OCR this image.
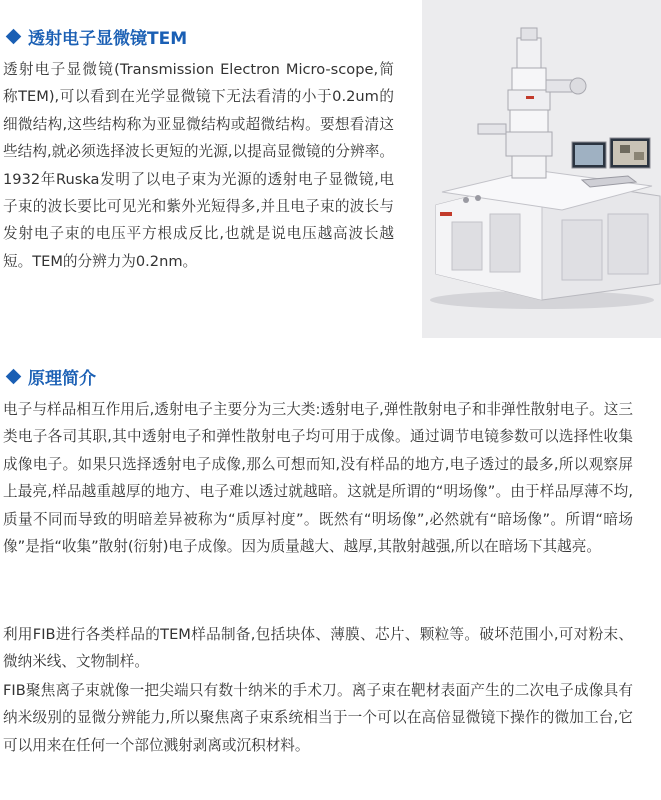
透射电子显微镜TEM

透射电子显微镜(Transmission Electron Micro-scope,简称TEM),可以看到在光学显微镜下无法看清的小于0.2um的细微结构,这些结构称为亚显微结构或超微结构。要想看清这些结构,就必须选择波长更短的光源,以提高显微镜的分辨率。1932年Ruska发明了以电子束为光源的透射电子显微镜,电子束的波长要比可见光和紫外光短得多,并且电子束的波长与发射电子束的电压平方根成反比,也就是说电压越高波长越短。TEM的分辨力为0.2nm。

原理简介

电子与样品相互作用后,透射电子主要分为三大类:透射电子,弹性散射电子和非弹性散射电子。这三类电子各司其职,其中透射电子和弹性散射电子均可用于成像。通过调节电镜参数可以选择性收集成像电子。如果只选择透射电子成像,那么可想而知,没有样品的地方,电子透过的最多,所以观察屏上最亮,样品越重越厚的地方、电子难以透过就越暗。这就是所谓的“明场像”。由于样品厚薄不均,质量不同而导致的明暗差异被称为“质厚衬度”。既然有“明场像”,必然就有“暗场像”。所谓“暗场像”是指“收集”散射(衍射)电子成像。因为质量越大、越厚,其散射越强,所以在暗场下其越亮。

利用FIB进行各类样品的TEM样品制备,包括块体、薄膜、芯片、颗粒等。破坏范围小,可对粉末、微纳米线、文物制样。

FIB聚焦离子束就像一把尖端只有数十纳米的手术刀。离子束在靶材表面产生的二次电子成像具有纳米级别的显微分辨能力,所以聚焦离子束系统相当于一个可以在高倍显微镜下操作的微加工台,它可以用来在任何一个部位溅射剥离或沉积材料。
